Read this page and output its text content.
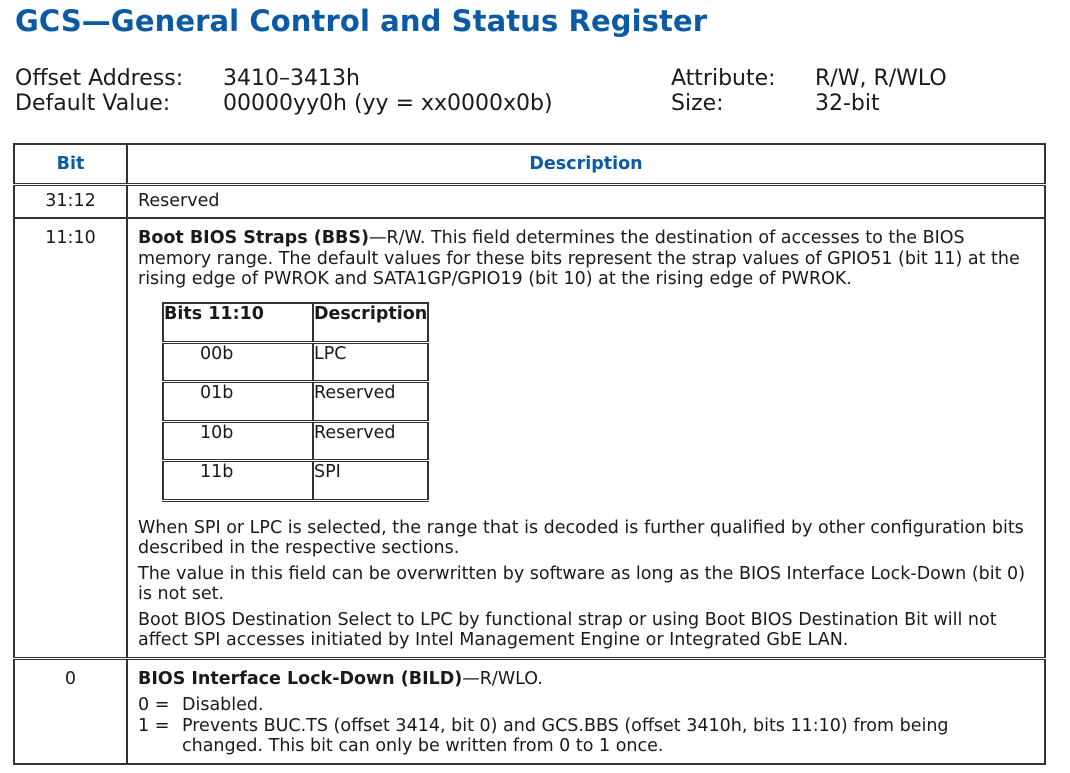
GCS—General Control and Status Register
Offset Address: 3410–3413h
Default Value: 00000yy0h (yy = xx0000x0b)
Attribute: R/W, R/WLO
Size:	32-bit
Bit	Description
31:12	Reserved
11:10	Boot BIOS Straps (BBS)—R/W. This field determines the destination of accesses to the BIOS memory range. The default values for these bits represent the strap values of GPIO51 (bit 11) at the rising edge of PWROK and SATA1GP/GPIO19 (bit 10) at the rising edge of PWROK.

Bits 11:10	Description
00b	LPC
01b	Reserved
10b	Reserved
11b	SPI

When SPI or LPC is selected, the range that is decoded is further qualified by other configuration bits described in the respective sections.

The value in this field can be overwritten by software as long as the BIOS Interface Lock-Down (bit 0) is not set.

Boot BIOS Destination Select to LPC by functional strap or using Boot BIOS Destination Bit will not affect SPI accesses initiated by Intel Management Engine or Integrated GbE LAN.

0	BIOS Interface Lock-Down (BILD)—R/WLO.

0 = Disabled.
1 = Prevents BUC.TS (offset 3414, bit 0) and GCS.BBS (offset 3410h, bits 11:10) from being changed. This bit can only be written from 0 to 1 once.
